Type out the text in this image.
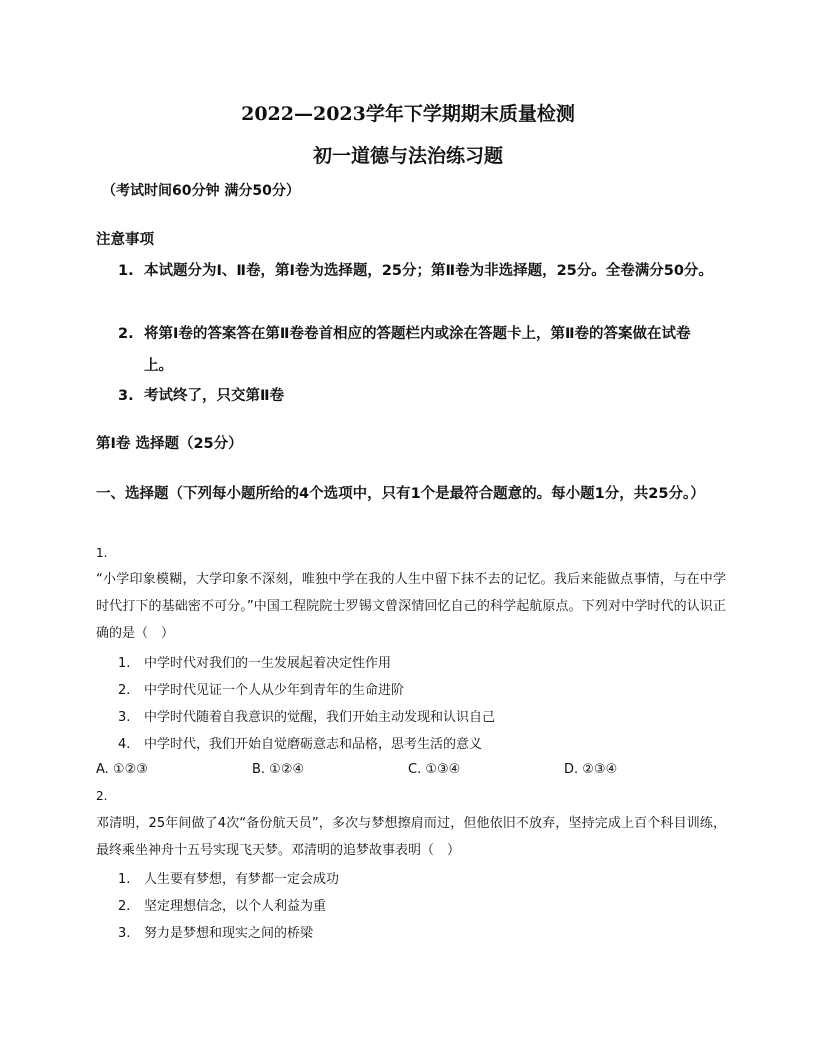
2022—2023学年下学期期末质量检测
初一道德与法治练习题
（考试时间60分钟 满分50分）
注意事项
1. 本试题分为Ⅰ、Ⅱ卷，第Ⅰ卷为选择题，25分；第Ⅱ卷为非选择题，25分。全卷满分50分。
2. 将第Ⅰ卷的答案答在第Ⅱ卷卷首相应的答题栏内或涂在答题卡上，第Ⅱ卷的答案做在试卷上。
3. 考试终了，只交第Ⅱ卷
第Ⅰ卷 选择题（25分）
一、选择题（下列每小题所给的4个选项中，只有1个是最符合题意的。每小题1分，共25分。）
1.
“小学印象模糊，大学印象不深刻，唯独中学在我的人生中留下抹不去的记忆。我后来能做点事情，与在中学时代打下的基础密不可分。”中国工程院院士罗锡文曾深情回忆自己的科学起航原点。下列对中学时代的认识正确的是（　）
1. 中学时代对我们的一生发展起着决定性作用
2. 中学时代见证一个人从少年到青年的生命进阶
3. 中学时代随着自我意识的觉醒，我们开始主动发现和认识自己
4. 中学时代，我们开始自觉磨砺意志和品格，思考生活的意义
A. ①②③	B. ①②④	C. ①③④	D. ②③④
2.
邓清明，25年间做了4次“备份航天员”，多次与梦想擦肩而过，但他依旧不放弃，坚持完成上百个科目训练，最终乘坐神舟十五号实现飞天梦。邓清明的追梦故事表明（　）
1. 人生要有梦想，有梦都一定会成功
2. 坚定理想信念，以个人利益为重
3. 努力是梦想和现实之间的桥梁
